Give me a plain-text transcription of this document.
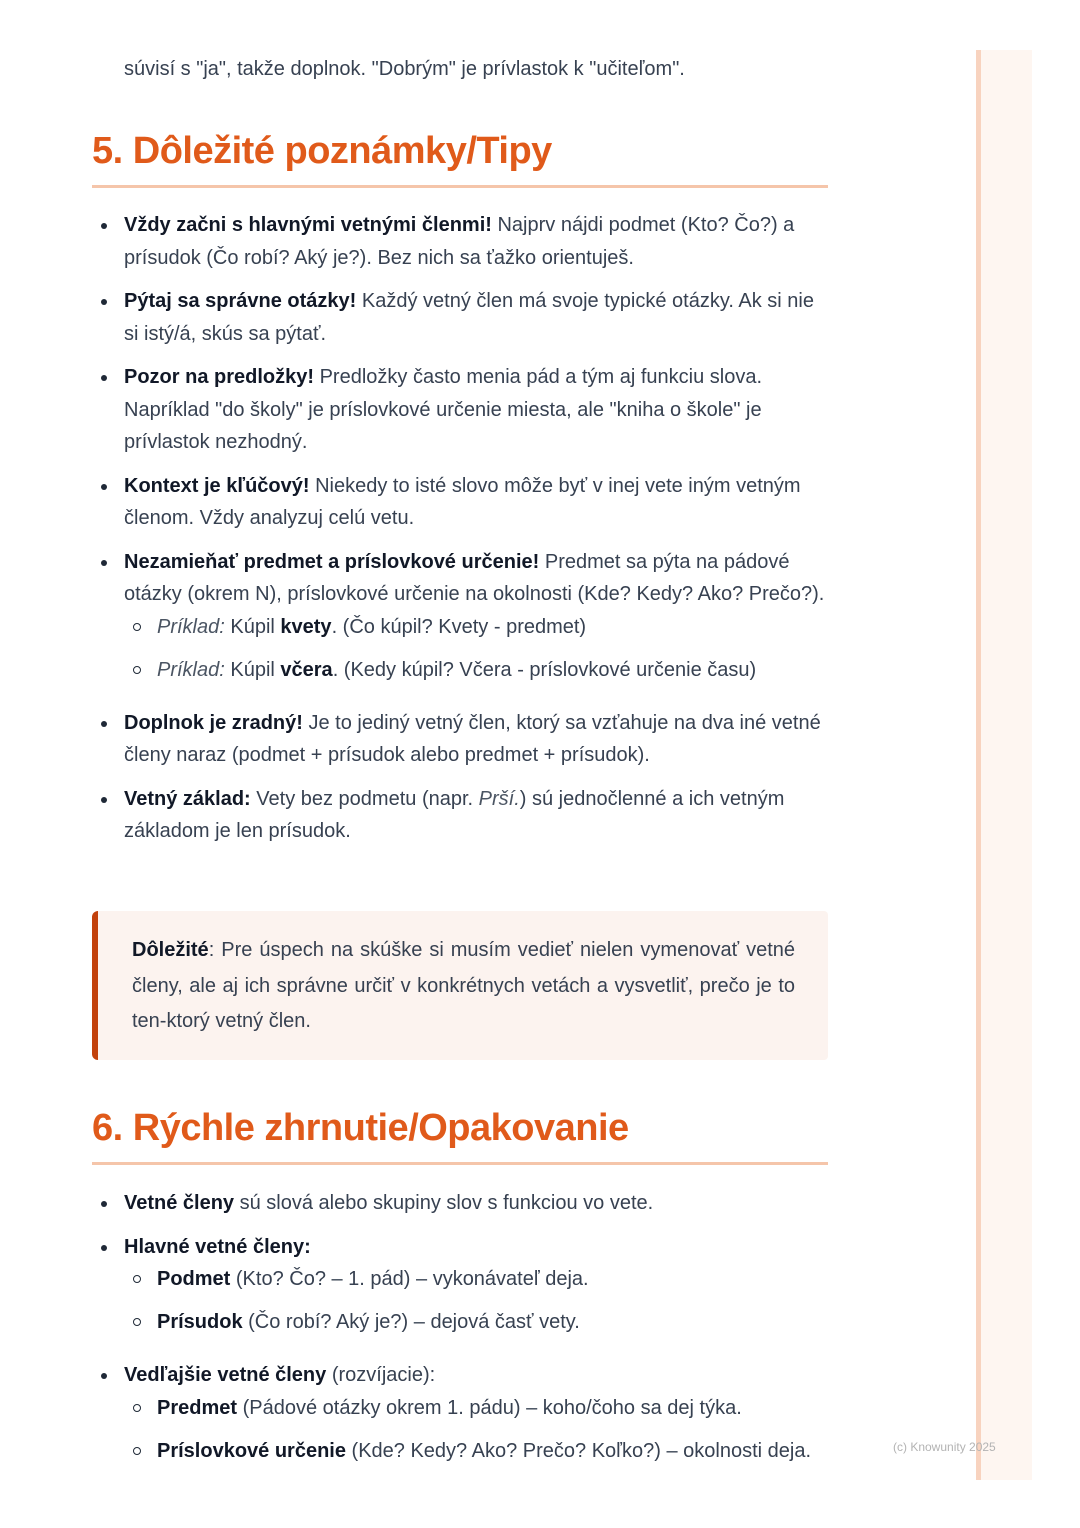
súvisí s "ja", takže doplnok. "Dobrým" je prívlastok k "učiteľom".

5. Dôležité poznámky/Tipy
Vždy začni s hlavnými vetnými členmi! Najprv nájdi podmet (Kto? Čo?) a prísudok (Čo robí? Aký je?). Bez nich sa ťažko orientuješ.
Pýtaj sa správne otázky! Každý vetný člen má svoje typické otázky. Ak si nie si istý/á, skús sa pýtať.
Pozor na predložky! Predložky často menia pád a tým aj funkciu slova. Napríklad "do školy" je príslovkové určenie miesta, ale "kniha o škole" je prívlastok nezhodný.
Kontext je kľúčový! Niekedy to isté slovo môže byť v inej vete iným vetným členom. Vždy analyzuj celú vetu.
Nezamieňať predmet a príslovkové určenie! Predmet sa pýta na pádové otázky (okrem N), príslovkové určenie na okolnosti (Kde? Kedy? Ako? Prečo?).
Príklad: Kúpil kvety. (Čo kúpil? Kvety - predmet)
Príklad: Kúpil včera. (Kedy kúpil? Včera - príslovkové určenie času)
Doplnok je zradný! Je to jediný vetný člen, ktorý sa vzťahuje na dva iné vetné členy naraz (podmet + prísudok alebo predmet + prísudok).
Vetný základ: Vety bez podmetu (napr. Prší.) sú jednočlenné a ich vetným základom je len prísudok.
Dôležité: Pre úspech na skúške si musím vedieť nielen vymenovať vetné členy, ale aj ich správne určiť v konkrétnych vetách a vysvetliť, prečo je to ten-ktorý vetný člen.
6. Rýchle zhrnutie/Opakovanie
Vetné členy sú slová alebo skupiny slov s funkciou vo vete.
Hlavné vetné členy:
Podmet (Kto? Čo? – 1. pád) – vykonávateľ deja.
Prísudok (Čo robí? Aký je?) – dejová časť vety.
Vedľajšie vetné členy (rozvíjacie):
Predmet (Pádové otázky okrem 1. pádu) – koho/čoho sa dej týka.
Príslovkové určenie (Kde? Kedy? Ako? Prečo? Koľko?) – okolnosti deja.	(c) Knowunity 2025
